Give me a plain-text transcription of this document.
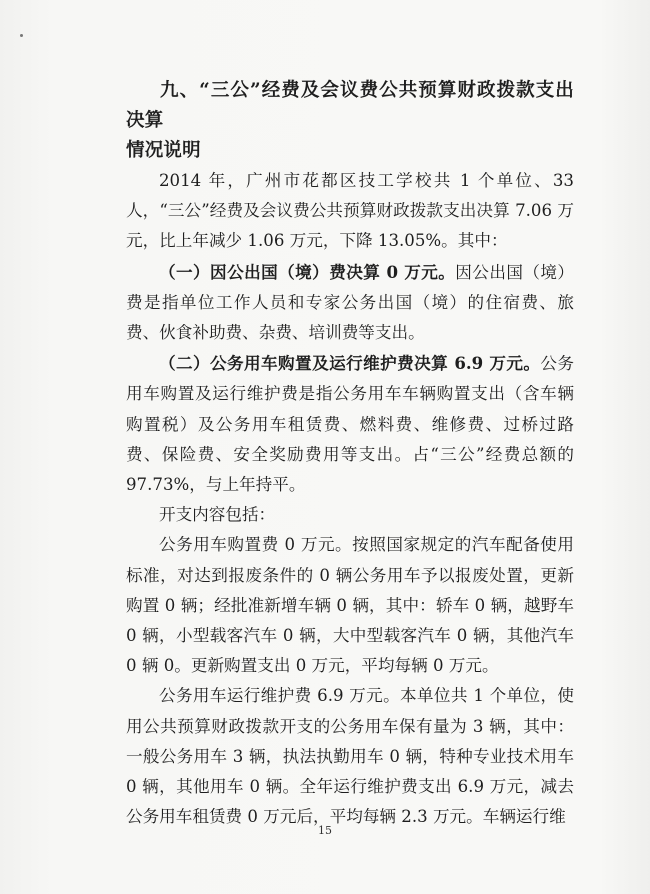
九、“三公”经费及会议费公共预算财政拨款支出决算
情况说明

2014 年，广州市花都区技工学校共 1 个单位、33 人，“三公”经费及会议费公共预算财政拨款支出决算 7.06 万元，比上年减少 1.06 万元，下降 13.05%。其中：

（一）因公出国（境）费决算 0 万元。因公出国（境）费是指单位工作人员和专家公务出国（境）的住宿费、旅费、伙食补助费、杂费、培训费等支出。

（二）公务用车购置及运行维护费决算 6.9 万元。公务用车购置及运行维护费是指公务用车车辆购置支出（含车辆购置税）及公务用车租赁费、燃料费、维修费、过桥过路费、保险费、安全奖励费用等支出。占“三公”经费总额的 97.73%，与上年持平。

开支内容包括：

公务用车购置费 0 万元。按照国家规定的汽车配备使用标准，对达到报废条件的 0 辆公务用车予以报废处置，更新购置 0 辆；经批准新增车辆 0 辆，其中：轿车 0 辆，越野车 0 辆，小型载客汽车 0 辆，大中型载客汽车 0 辆，其他汽车 0 辆 0。更新购置支出 0 万元，平均每辆 0 万元。

公务用车运行维护费 6.9 万元。本单位共 1 个单位，使用公共预算财政拨款开支的公务用车保有量为 3 辆，其中：一般公务用车 3 辆，执法执勤用车 0 辆，特种专业技术用车 0 辆，其他用车 0 辆。全年运行维护费支出 6.9 万元，减去公务用车租赁费 0 万元后，平均每辆 2.3 万元。车辆运行维

15
